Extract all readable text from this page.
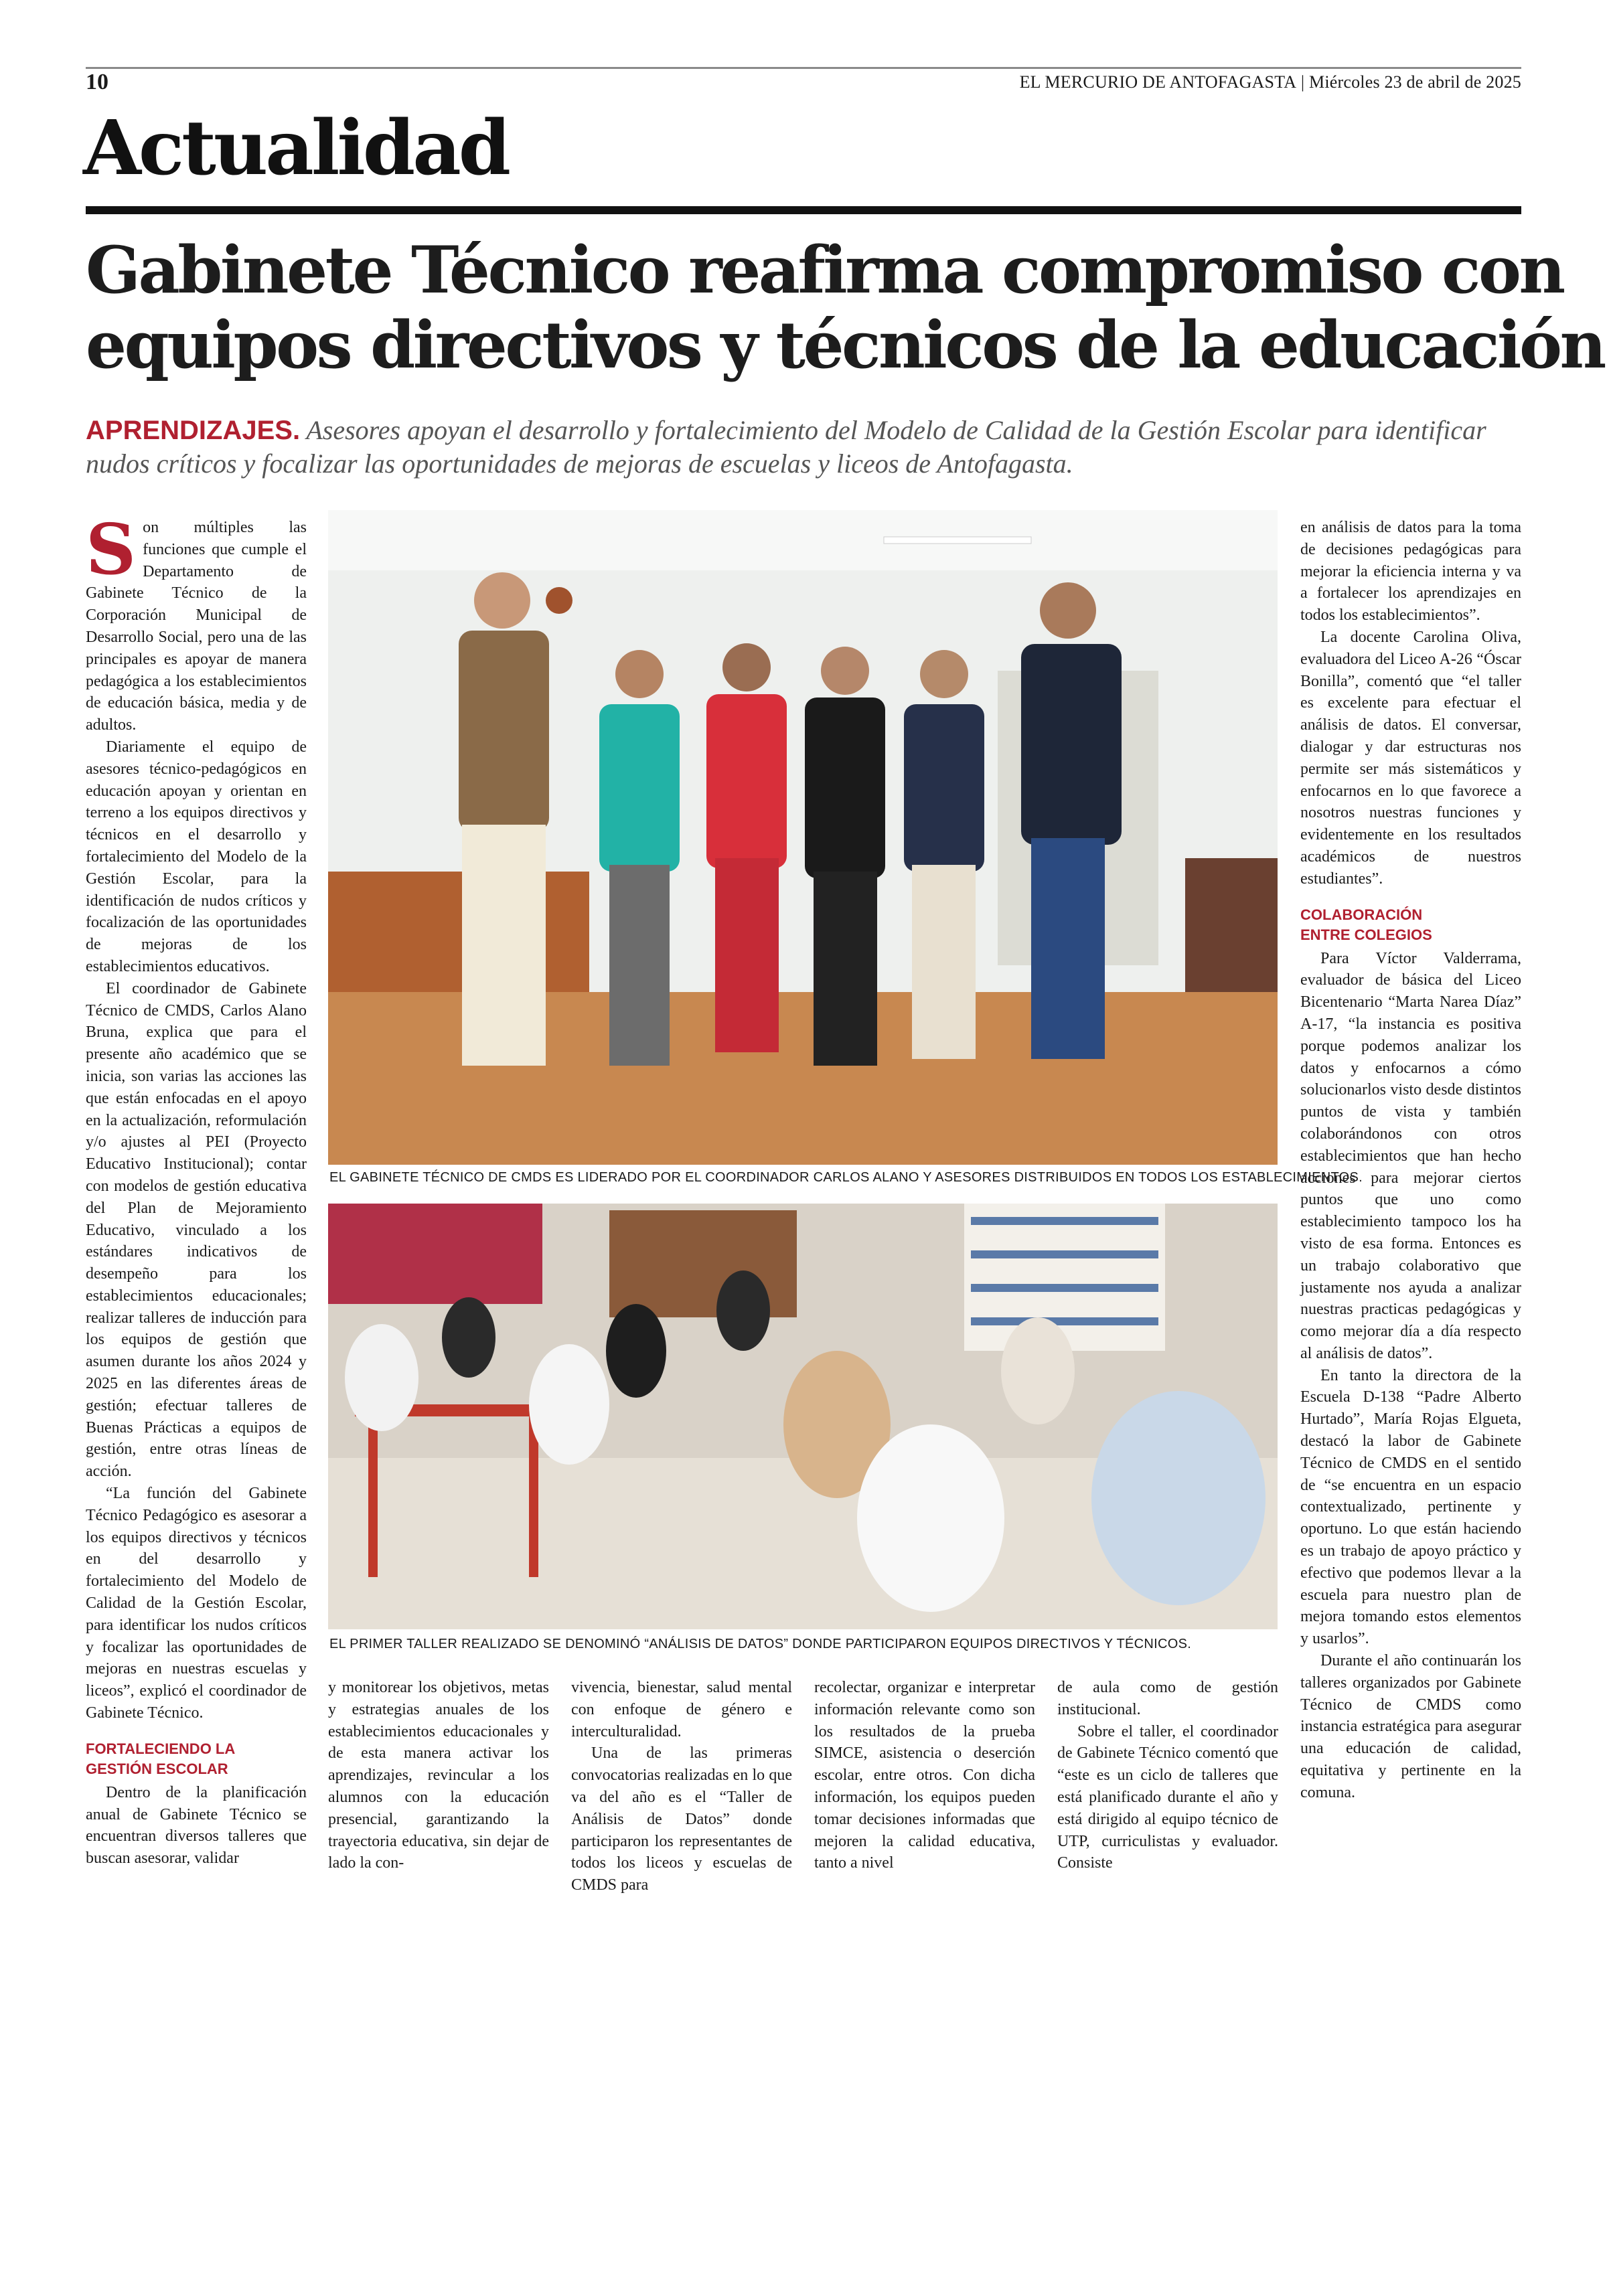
10	EL MERCURIO DE ANTOFAGASTA | Miércoles 23 de abril de 2025
Actualidad
Gabinete Técnico reafirma compromiso con
equipos directivos y técnicos de la educación
APRENDIZAJES. Asesores apoyan el desarrollo y fortalecimiento del Modelo de Calidad de la Gestión Escolar para identificar
nudos críticos y focalizar las oportunidades de mejoras de escuelas y liceos de Antofagasta.

Son múltiples las funciones que cumple el Departamento de Gabinete Técnico de la Corporación Municipal de Desarrollo Social, pero una de las principales es apoyar de manera pedagógica a los establecimientos de educación básica, media y de adultos.

Diariamente el equipo de asesores técnico-pedagógicos en educación apoyan y orientan en terreno a los equipos directivos y técnicos en el desarrollo y fortalecimiento del Modelo de la Gestión Escolar, para la identificación de nudos críticos y focalización de las oportunidades de mejoras de los establecimientos educativos.

El coordinador de Gabinete Técnico de CMDS, Carlos Alano Bruna, explica que para el presente año académico que se inicia, son varias las acciones las que están enfocadas en el apoyo en la actualización, reformulación y/o ajustes al PEI (Proyecto Educativo Institucional); contar con modelos de gestión educativa del Plan de Mejoramiento Educativo, vinculado a los estándares indicativos de desempeño para los establecimientos educacionales; realizar talleres de inducción para los equipos de gestión que asumen durante los años 2024 y 2025 en las diferentes áreas de gestión; efectuar talleres de Buenas Prácticas a equipos de gestión, entre otras líneas de acción.

“La función del Gabinete Técnico Pedagógico es asesorar a los equipos directivos y técnicos en del desarrollo y fortalecimiento del Modelo de Calidad de la Gestión Escolar, para identificar los nudos críticos y focalizar las oportunidades de mejoras en nuestras escuelas y liceos”, explicó el coordinador de Gabinete Técnico.

FORTALECIENDO LA
GESTIÓN ESCOLAR

Dentro de la planificación anual de Gabinete Técnico se encuentran diversos talleres que buscan asesorar, validar

EL GABINETE TÉCNICO DE CMDS ES LIDERADO POR EL COORDINADOR CARLOS ALANO Y ASESORES DISTRIBUIDOS EN TODOS LOS ESTABLECIMIENTOS.
EL PRIMER TALLER REALIZADO SE DENOMINÓ “ANÁLISIS DE DATOS” DONDE PARTICIPARON EQUIPOS DIRECTIVOS Y TÉCNICOS.

y monitorear los objetivos, metas y estrategias anuales de los establecimientos educacionales y de esta manera activar los aprendizajes, revincular a los alumnos con la educación presencial, garantizando la trayectoria educativa, sin dejar de lado la con-

vivencia, bienestar, salud mental con enfoque de género e interculturalidad.

Una de las primeras convocatorias realizadas en lo que va del año es el “Taller de Análisis de Datos” donde participaron los representantes de todos los liceos y escuelas de CMDS para

recolectar, organizar e interpretar información relevante como son los resultados de la prueba SIMCE, asistencia o deserción escolar, entre otros. Con dicha información, los equipos pueden tomar decisiones informadas que mejoren la calidad educativa, tanto a nivel

de aula como de gestión institucional.

Sobre el taller, el coordinador de Gabinete Técnico comentó que “este es un ciclo de talleres que está planificado durante el año y está dirigido al equipo técnico de UTP, curriculistas y evaluador. Consiste

en análisis de datos para la toma de decisiones pedagógicas para mejorar la eficiencia interna y va a fortalecer los aprendizajes en todos los establecimientos”.

La docente Carolina Oliva, evaluadora del Liceo A-26 “Óscar Bonilla”, comentó que “el taller es excelente para efectuar el análisis de datos. El conversar, dialogar y dar estructuras nos permite ser más sistemáticos y enfocarnos en lo que favorece a nosotros nuestras funciones y evidentemente en los resultados académicos de nuestros estudiantes”.

COLABORACIÓN
ENTRE COLEGIOS

Para Víctor Valderrama, evaluador de básica del Liceo Bicentenario “Marta Narea Díaz” A-17, “la instancia es positiva porque podemos analizar los datos y enfocarnos a cómo solucionarlos visto desde distintos puntos de vista y también colaborándonos con otros establecimientos que han hecho acciones para mejorar ciertos puntos que uno como establecimiento tampoco los ha visto de esa forma. Entonces es un trabajo colaborativo que justamente nos ayuda a analizar nuestras practicas pedagógicas y como mejorar día a día respecto al análisis de datos”.

En tanto la directora de la Escuela D-138 “Padre Alberto Hurtado”, María Rojas Elgueta, destacó la labor de Gabinete Técnico de CMDS en el sentido de “se encuentra en un espacio contextualizado, pertinente y oportuno. Lo que están haciendo es un trabajo de apoyo práctico y efectivo que podemos llevar a la escuela para nuestro plan de mejora tomando estos elementos y usarlos”.

Durante el año continuarán los talleres organizados por Gabinete Técnico de CMDS como instancia estratégica para asegurar una educación de calidad, equitativa y pertinente en la comuna.
